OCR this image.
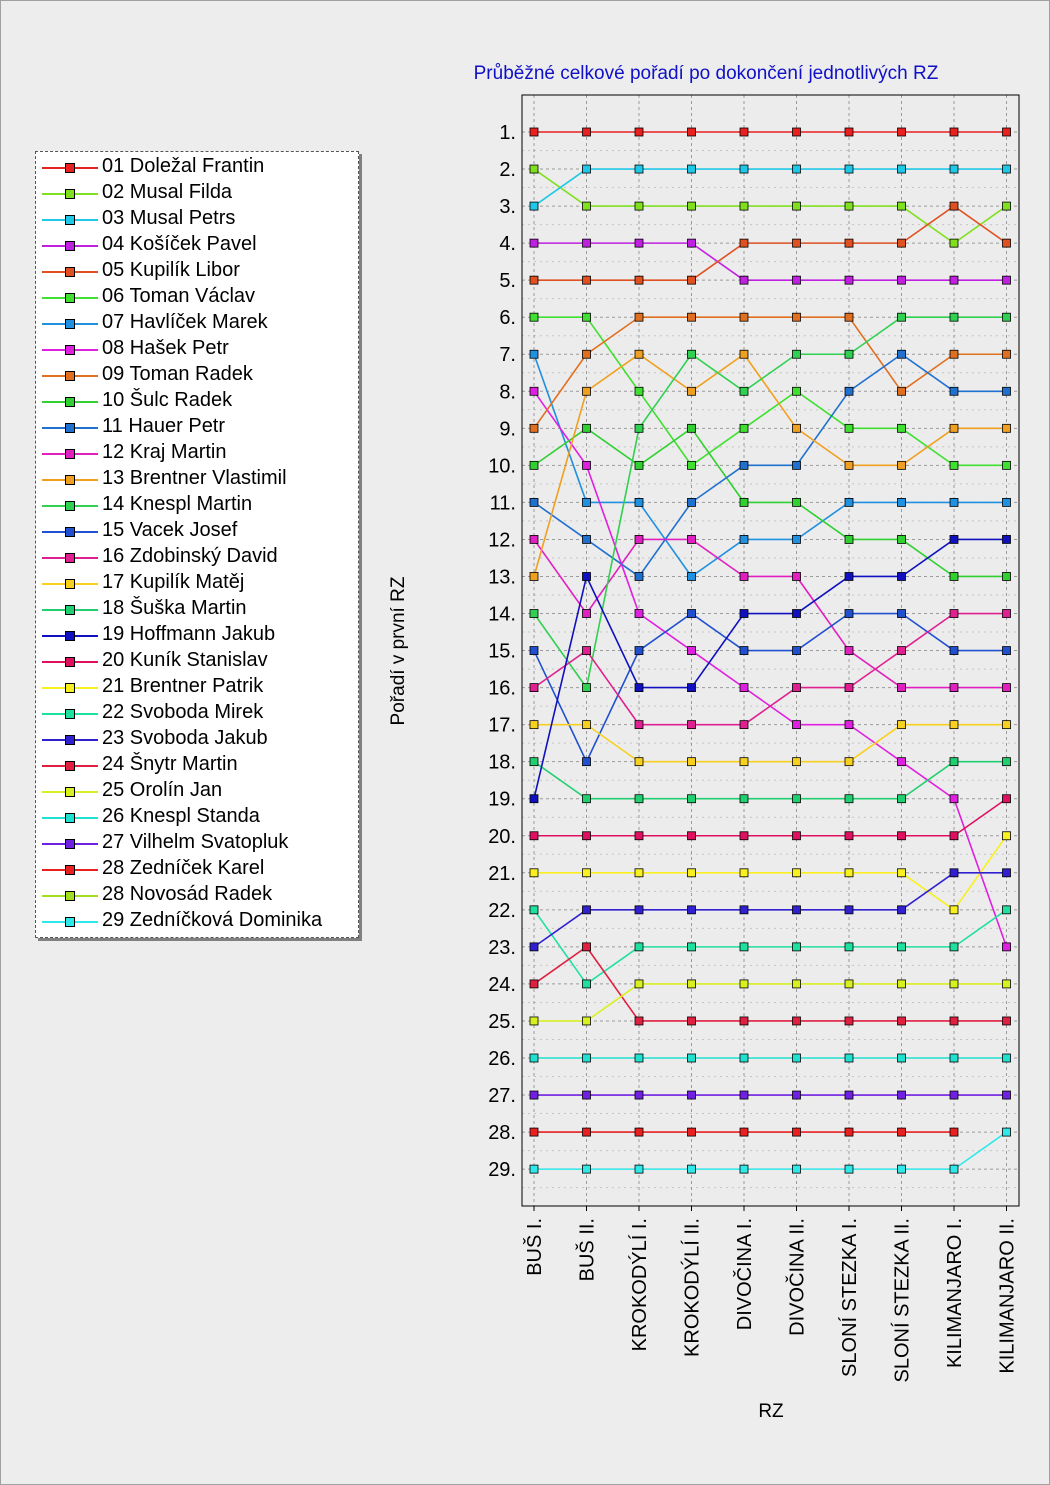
Průběžné celkové pořadí po dokončení jednotlivých RZ
Pořadí v první RZ
RZ
01 Doležal Frantin
02 Musal Filda
03 Musal Petrs
04 Košíček Pavel
05 Kupilík Libor
06 Toman Václav
07 Havlíček Marek
08 Hašek Petr
09 Toman Radek
10 Šulc Radek
11 Hauer Petr
12 Kraj Martin
13 Brentner Vlastimil
14 Knespl Martin
15 Vacek Josef
16 Zdobinský David
17 Kupilík Matěj
18 Šuška Martin
19 Hoffmann Jakub
20 Kuník Stanislav
21 Brentner Patrik
22 Svoboda Mirek
23 Svoboda Jakub
24 Šnytr Martin
25 Orolín Jan
26 Knespl Standa
27 Vilhelm Svatopluk
28 Zedníček Karel
28 Novosád Radek
29 Zedníčková Dominika
1.
2.
3.
4.
5.
6.
7.
8.
9.
10.
11.
12.
13.
14.
15.
16.
17.
18.
19.
20.
21.
22.
23.
24.
25.
26.
27.
28.
29.
BUŠ I. BUŠ II. KROKODÝLÍ I. KROKODÝLÍ II. DIVOČINA I. DIVOČINA II. SLONÍ STEZKA I. SLONÍ STEZKA II. KILIMANJARO I. KILIMANJARO II.
